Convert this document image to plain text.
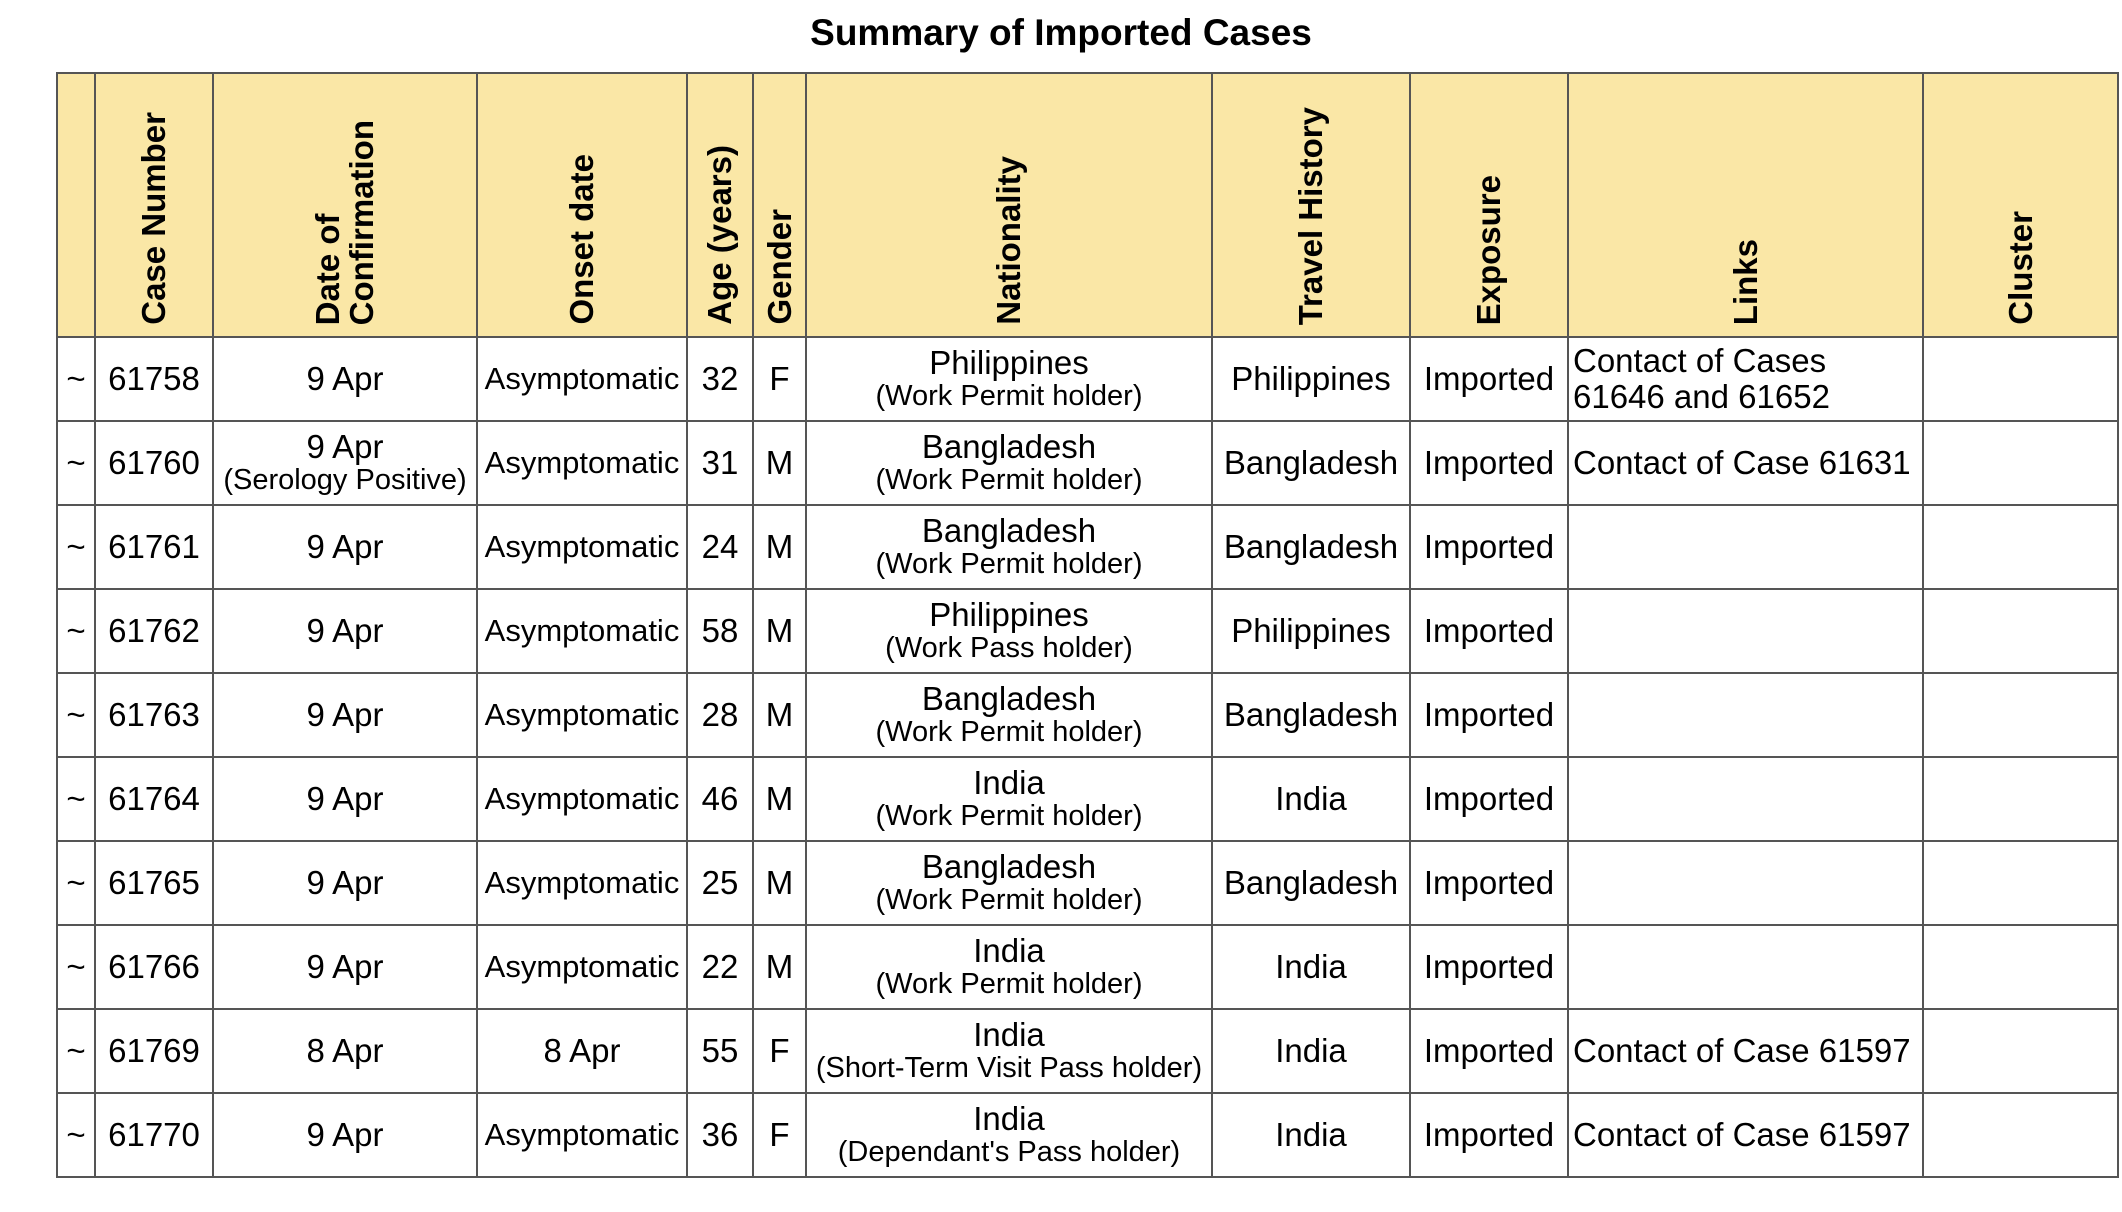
Summary of Imported Cases
	Case Number	Date of
Confirmation	Onset date	Age (years)	Gender	Nationality	Travel History	Exposure	Links	Cluster
~	61758	9 Apr	Asymptomatic	32	F	Philippines
(Work Permit holder)	Philippines	Imported	Contact of Cases 61646 and 61652	
~	61760	9 Apr
(Serology Positive)	Asymptomatic	31	M	Bangladesh
(Work Permit holder)	Bangladesh	Imported	Contact of Case 61631	
~	61761	9 Apr	Asymptomatic	24	M	Bangladesh
(Work Permit holder)	Bangladesh	Imported		
~	61762	9 Apr	Asymptomatic	58	M	Philippines
(Work Pass holder)	Philippines	Imported		
~	61763	9 Apr	Asymptomatic	28	M	Bangladesh
(Work Permit holder)	Bangladesh	Imported		
~	61764	9 Apr	Asymptomatic	46	M	India
(Work Permit holder)	India	Imported		
~	61765	9 Apr	Asymptomatic	25	M	Bangladesh
(Work Permit holder)	Bangladesh	Imported		
~	61766	9 Apr	Asymptomatic	22	M	India
(Work Permit holder)	India	Imported		
~	61769	8 Apr	8 Apr	55	F	India
(Short-Term Visit Pass holder)	India	Imported	Contact of Case 61597	
~	61770	9 Apr	Asymptomatic	36	F	India
(Dependant's Pass holder)	India	Imported	Contact of Case 61597	
